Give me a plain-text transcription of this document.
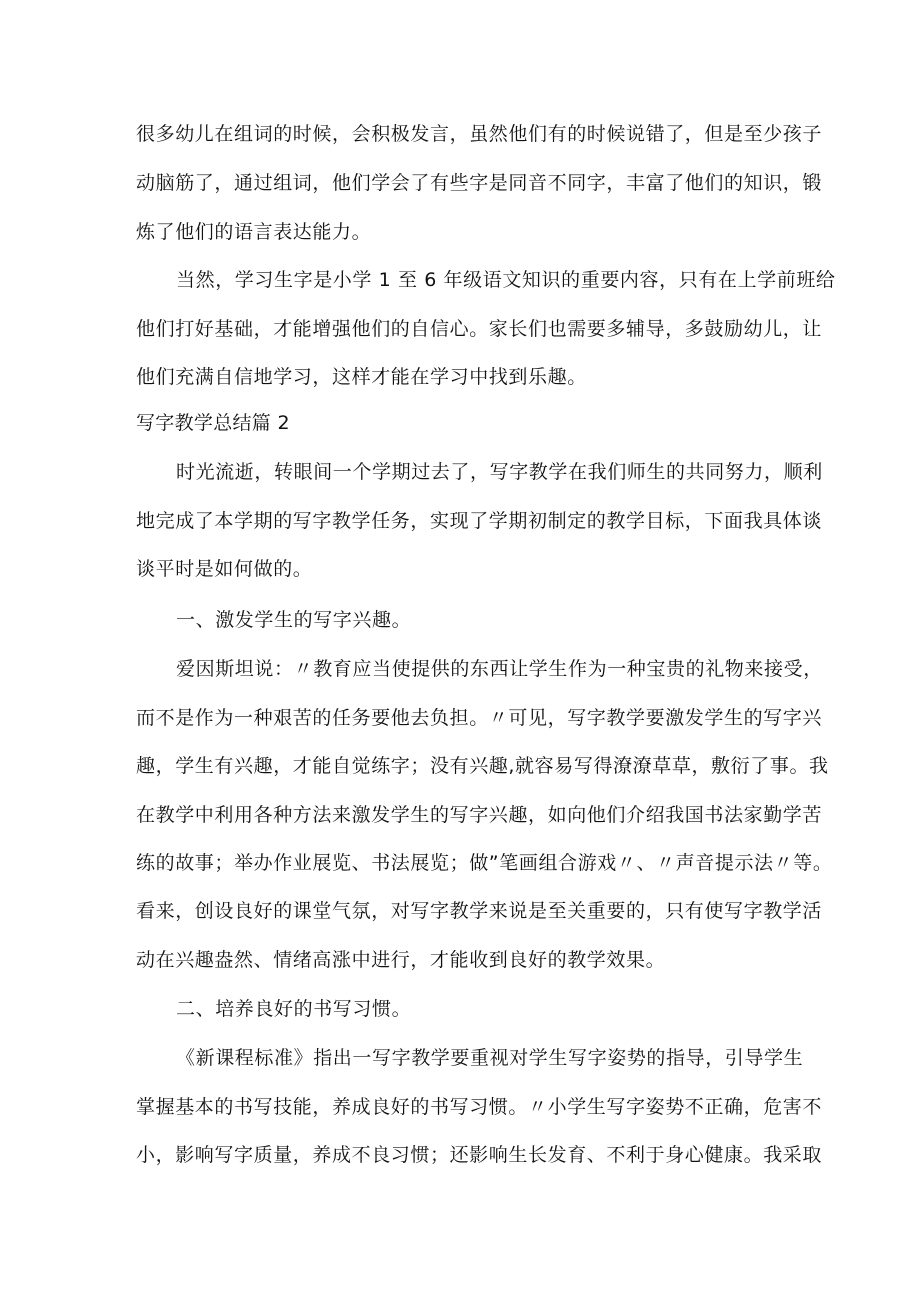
很多幼儿在组词的时候，会积极发言，虽然他们有的时候说错了，但是至少孩子
动脑筋了，通过组词，他们学会了有些字是同音不同字，丰富了他们的知识，锻
炼了他们的语言表达能力。
当然，学习生字是小学 1 至 6 年级语文知识的重要内容，只有在上学前班给
他们打好基础，才能增强他们的自信心。家长们也需要多辅导，多鼓励幼儿，让
他们充满自信地学习，这样才能在学习中找到乐趣。
写字教学总结篇 2
时光流逝，转眼间一个学期过去了，写字教学在我们师生的共同努力，顺利
地完成了本学期的写字教学任务，实现了学期初制定的教学目标，下面我具体谈
谈平时是如何做的。
一、激发学生的写字兴趣。
爱因斯坦说：〃教育应当使提供的东西让学生作为一种宝贵的礼物来接受，
而不是作为一种艰苦的任务要他去负担。〃可见，写字教学要激发学生的写字兴
趣，学生有兴趣，才能自觉练字；没有兴趣,就容易写得潦潦草草，敷衍了事。我
在教学中利用各种方法来激发学生的写字兴趣，如向他们介绍我国书法家勤学苦
练的故事；举办作业展览、书法展览；做”笔画组合游戏〃、〃声音提示法〃等。
看来，创设良好的课堂气氛，对写字教学来说是至关重要的，只有使写字教学活
动在兴趣盎然、情绪高涨中进行，才能收到良好的教学效果。
二、培养良好的书写习惯。
《新课程标准》指出一写字教学要重视对学生写字姿势的指导，引导学生
掌握基本的书写技能，养成良好的书写习惯。〃小学生写字姿势不正确，危害不
小，影响写字质量，养成不良习惯；还影响生长发育、不利于身心健康。我采取
